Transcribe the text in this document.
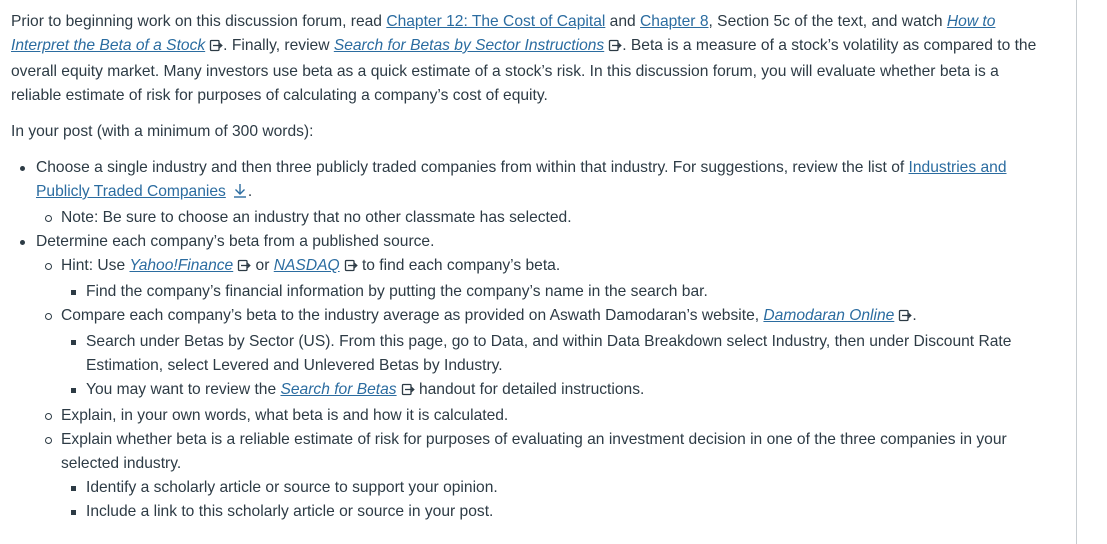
Prior to beginning work on this discussion forum, read Chapter 12: The Cost of Capital and Chapter 8, Section 5c of the text, and watch How to Interpret the Beta of a Stock . Finally, review Search for Betas by Sector Instructions . Beta is a measure of a stock’s volatility as compared to the overall equity market. Many investors use beta as a quick estimate of a stock’s risk. In this discussion forum, you will evaluate whether beta is a reliable estimate of risk for purposes of calculating a company’s cost of equity.

In your post (with a minimum of 300 words):

Choose a single industry and then three publicly traded companies from within that industry. For suggestions, review the list of Industries and Publicly Traded Companies .
Note: Be sure to choose an industry that no other classmate has selected.
Determine each company’s beta from a published source.
Hint: Use Yahoo!Finance or NASDAQ to find each company’s beta.
Find the company’s financial information by putting the company’s name in the search bar.
Compare each company’s beta to the industry average as provided on Aswath Damodaran’s website, Damodaran Online .
Search under Betas by Sector (US). From this page, go to Data, and within Data Breakdown select Industry, then under Discount Rate Estimation, select Levered and Unlevered Betas by Industry.
You may want to review the Search for Betas handout for detailed instructions.
Explain, in your own words, what beta is and how it is calculated.
Explain whether beta is a reliable estimate of risk for purposes of evaluating an investment decision in one of the three companies in your selected industry.
Identify a scholarly article or source to support your opinion.
Include a link to this scholarly article or source in your post.
